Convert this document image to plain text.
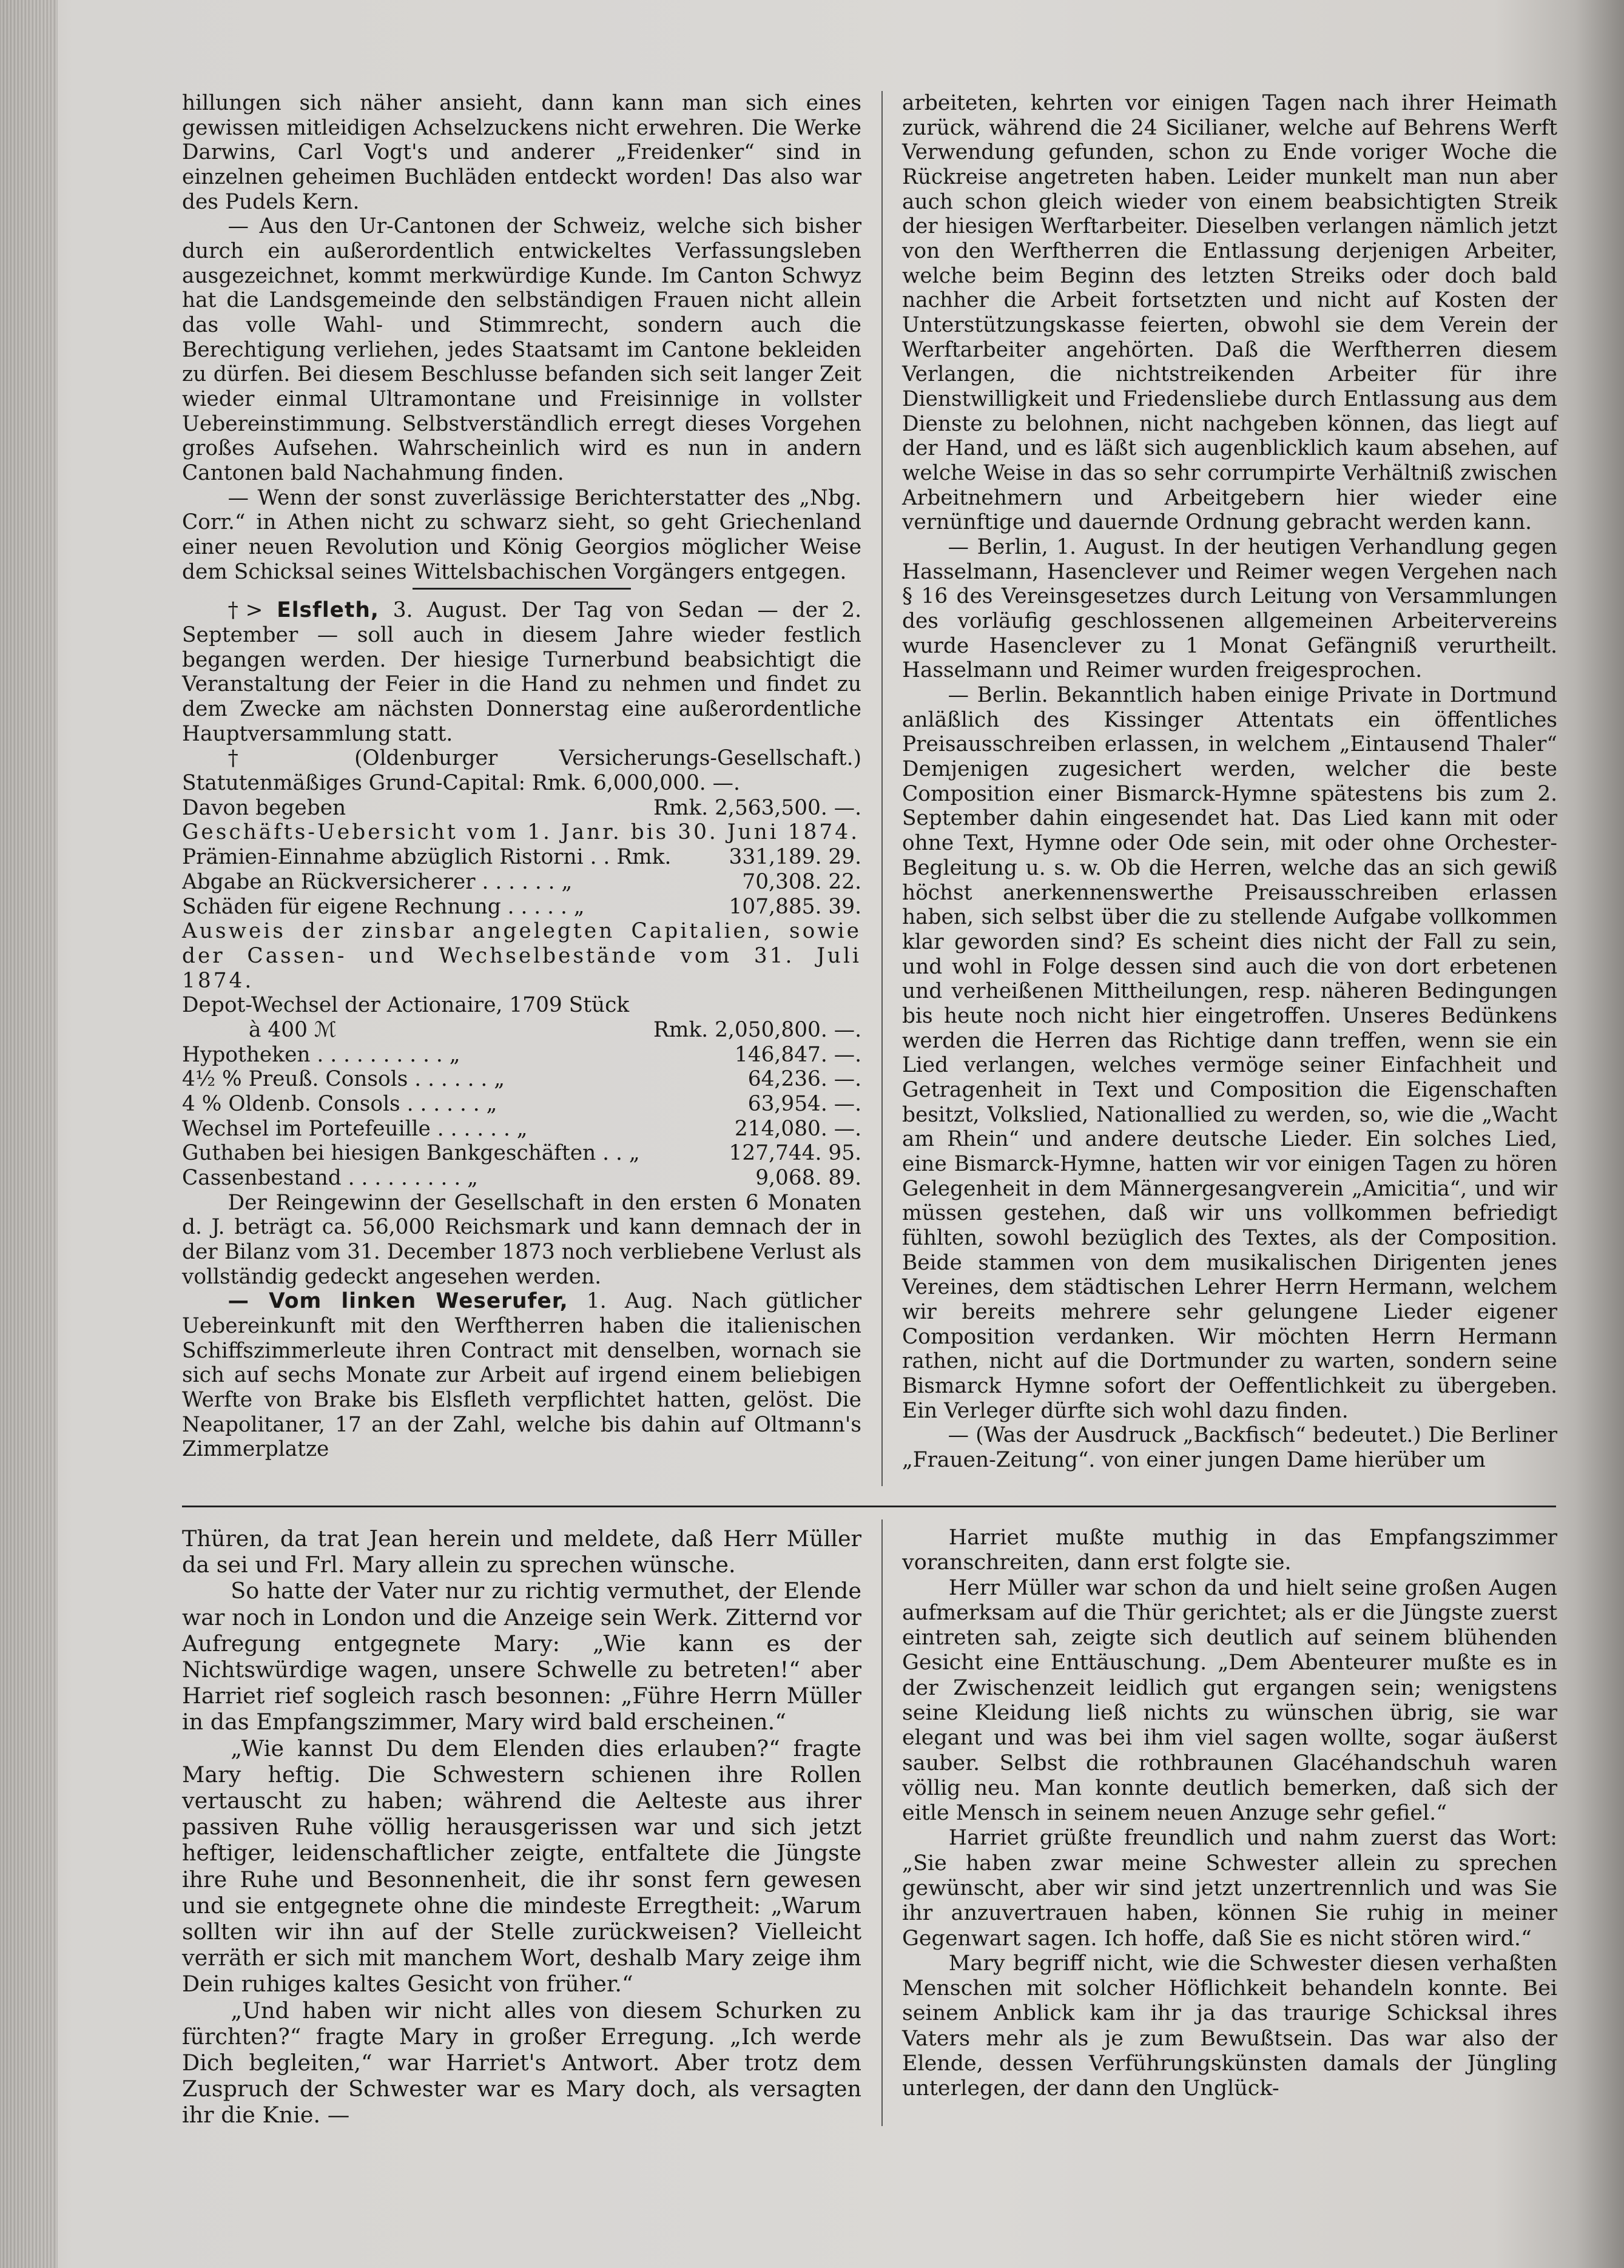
hillungen sich näher ansieht, dann kann man sich eines gewissen mitleidigen Achselzuckens nicht erwehren. Die Werke Darwins, Carl Vogt's und anderer „Freidenker“ sind in einzelnen geheimen Buchläden entdeckt worden! Das also war des Pudels Kern.

— Aus den Ur-Cantonen der Schweiz, welche sich bisher durch ein außerordentlich entwickeltes Verfassungsleben ausgezeichnet, kommt merkwürdige Kunde. Im Canton Schwyz hat die Landsgemeinde den selbständigen Frauen nicht allein das volle Wahl- und Stimmrecht, sondern auch die Berechtigung verliehen, jedes Staatsamt im Cantone bekleiden zu dürfen. Bei diesem Beschlusse befanden sich seit langer Zeit wieder einmal Ultramontane und Freisinnige in vollster Uebereinstimmung. Selbstverständlich erregt dieses Vorgehen großes Aufsehen. Wahrscheinlich wird es nun in andern Cantonen bald Nachahmung finden.

— Wenn der sonst zuverlässige Berichterstatter des „Nbg. Corr.“ in Athen nicht zu schwarz sieht, so geht Griechenland einer neuen Revolution und König Georgios möglicher Weise dem Schicksal seines Wittelsbachischen Vorgängers entgegen.

†> Elsfleth, 3. August. Der Tag von Sedan — der 2. September — soll auch in diesem Jahre wieder festlich begangen werden. Der hiesige Turnerbund beabsichtigt die Veranstaltung der Feier in die Hand zu nehmen und findet zu dem Zwecke am nächsten Donnerstag eine außerordentliche Hauptversammlung statt.

† (Oldenburger Versicherungs-Gesellschaft.) Statutenmäßiges Grund-Capital: Rmk. 6,000,000. —.

Davon begeben	Rmk. 2,563,500. —.

Geschäfts-Uebersicht vom 1. Janr. bis 30. Juni 1874.

Prämien-Einnahme abzüglich Ristorni . . Rmk.	331,189. 29.
Abgabe an Rückversicherer . . . . . . „	70,308. 22.
Schäden für eigene Rechnung . . . . . „	107,885. 39.

Ausweis der zinsbar angelegten Capitalien, sowie der Cassen- und Wechselbestände vom 31. Juli 1874.

Depot-Wechsel der Actionaire, 1709 Stück

à 400 ℳ	Rmk. 2,050,800. —.
Hypotheken . . . . . . . . . . „	146,847. —.
4½ % Preuß. Consols . . . . . . „	64,236. —.
4 % Oldenb. Consols . . . . . . „	63,954. —.
Wechsel im Portefeuille . . . . . . „	214,080. —.
Guthaben bei hiesigen Bankgeschäften . . „	127,744. 95.
Cassenbestand . . . . . . . . . „	9,068. 89.

Der Reingewinn der Gesellschaft in den ersten 6 Monaten d. J. beträgt ca. 56,000 Reichsmark und kann demnach der in der Bilanz vom 31. December 1873 noch verbliebene Verlust als vollständig gedeckt angesehen werden.

— Vom linken Weserufer, 1. Aug. Nach gütlicher Uebereinkunft mit den Werftherren haben die italienischen Schiffszimmerleute ihren Contract mit denselben, wornach sie sich auf sechs Monate zur Arbeit auf irgend einem beliebigen Werfte von Brake bis Elsfleth verpflichtet hatten, gelöst. Die Neapolitaner, 17 an der Zahl, welche bis dahin auf Oltmann's Zimmerplatze

arbeiteten, kehrten vor einigen Tagen nach ihrer Heimath zurück, während die 24 Sicilianer, welche auf Behrens Werft Verwendung gefunden, schon zu Ende voriger Woche die Rückreise angetreten haben. Leider munkelt man nun aber auch schon gleich wieder von einem beabsichtigten Streik der hiesigen Werftarbeiter. Dieselben verlangen nämlich jetzt von den Werftherren die Entlassung derjenigen Arbeiter, welche beim Beginn des letzten Streiks oder doch bald nachher die Arbeit fortsetzten und nicht auf Kosten der Unterstützungskasse feierten, obwohl sie dem Verein der Werftarbeiter angehörten. Daß die Werftherren diesem Verlangen, die nichtstreikenden Arbeiter für ihre Dienstwilligkeit und Friedensliebe durch Entlassung aus dem Dienste zu belohnen, nicht nachgeben können, das liegt auf der Hand, und es läßt sich augenblicklich kaum absehen, auf welche Weise in das so sehr corrumpirte Verhältniß zwischen Arbeitnehmern und Arbeitgebern hier wieder eine vernünftige und dauernde Ordnung gebracht werden kann.

— Berlin, 1. August. In der heutigen Verhandlung gegen Hasselmann, Hasenclever und Reimer wegen Vergehen nach § 16 des Vereinsgesetzes durch Leitung von Versammlungen des vorläufig geschlossenen allgemeinen Arbeitervereins wurde Hasenclever zu 1 Monat Gefängniß verurtheilt. Hasselmann und Reimer wurden freigesprochen.

— Berlin. Bekanntlich haben einige Private in Dortmund anläßlich des Kissinger Attentats ein öffentliches Preisausschreiben erlassen, in welchem „Eintausend Thaler“ Demjenigen zugesichert werden, welcher die beste Composition einer Bismarck-Hymne spätestens bis zum 2. September dahin eingesendet hat. Das Lied kann mit oder ohne Text, Hymne oder Ode sein, mit oder ohne Orchester-Begleitung u. s. w. Ob die Herren, welche das an sich gewiß höchst anerkennenswerthe Preisausschreiben erlassen haben, sich selbst über die zu stellende Aufgabe vollkommen klar geworden sind? Es scheint dies nicht der Fall zu sein, und wohl in Folge dessen sind auch die von dort erbetenen und verheißenen Mittheilungen, resp. näheren Bedingungen bis heute noch nicht hier eingetroffen. Unseres Bedünkens werden die Herren das Richtige dann treffen, wenn sie ein Lied verlangen, welches vermöge seiner Einfachheit und Getragenheit in Text und Composition die Eigenschaften besitzt, Volkslied, Nationallied zu werden, so, wie die „Wacht am Rhein“ und andere deutsche Lieder. Ein solches Lied, eine Bismarck-Hymne, hatten wir vor einigen Tagen zu hören Gelegenheit in dem Männergesangverein „Amicitia“, und wir müssen gestehen, daß wir uns vollkommen befriedigt fühlten, sowohl bezüglich des Textes, als der Composition. Beide stammen von dem musikalischen Dirigenten jenes Vereines, dem städtischen Lehrer Herrn Hermann, welchem wir bereits mehrere sehr gelungene Lieder eigener Composition verdanken. Wir möchten Herrn Hermann rathen, nicht auf die Dortmunder zu warten, sondern seine Bismarck Hymne sofort der Oeffentlichkeit zu übergeben. Ein Verleger dürfte sich wohl dazu finden.

— (Was der Ausdruck „Backfisch“ bedeutet.) Die Berliner „Frauen-Zeitung“. von einer jungen Dame hierüber um

Thüren, da trat Jean herein und meldete, daß Herr Müller da sei und Frl. Mary allein zu sprechen wünsche.

So hatte der Vater nur zu richtig vermuthet, der Elende war noch in London und die Anzeige sein Werk. Zitternd vor Aufregung entgegnete Mary: „Wie kann es der Nichtswürdige wagen, unsere Schwelle zu betreten!“ aber Harriet rief sogleich rasch besonnen: „Führe Herrn Müller in das Empfangszimmer, Mary wird bald erscheinen.“

„Wie kannst Du dem Elenden dies erlauben?“ fragte Mary heftig. Die Schwestern schienen ihre Rollen vertauscht zu haben; während die Aelteste aus ihrer passiven Ruhe völlig herausgerissen war und sich jetzt heftiger, leidenschaftlicher zeigte, entfaltete die Jüngste ihre Ruhe und Besonnenheit, die ihr sonst fern gewesen und sie entgegnete ohne die mindeste Erregtheit: „Warum sollten wir ihn auf der Stelle zurückweisen? Vielleicht verräth er sich mit manchem Wort, deshalb Mary zeige ihm Dein ruhiges kaltes Gesicht von früher.“

„Und haben wir nicht alles von diesem Schurken zu fürchten?“ fragte Mary in großer Erregung. „Ich werde Dich begleiten,“ war Harriet's Antwort. Aber trotz dem Zuspruch der Schwester war es Mary doch, als versagten ihr die Knie. —

Harriet mußte muthig in das Empfangszimmer voranschreiten, dann erst folgte sie.

Herr Müller war schon da und hielt seine großen Augen aufmerksam auf die Thür gerichtet; als er die Jüngste zuerst eintreten sah, zeigte sich deutlich auf seinem blühenden Gesicht eine Enttäuschung. „Dem Abenteurer mußte es in der Zwischenzeit leidlich gut ergangen sein; wenigstens seine Kleidung ließ nichts zu wünschen übrig, sie war elegant und was bei ihm viel sagen wollte, sogar äußerst sauber. Selbst die rothbraunen Glacéhandschuh waren völlig neu. Man konnte deutlich bemerken, daß sich der eitle Mensch in seinem neuen Anzuge sehr gefiel.“

Harriet grüßte freundlich und nahm zuerst das Wort: „Sie haben zwar meine Schwester allein zu sprechen gewünscht, aber wir sind jetzt unzertrennlich und was Sie ihr anzuvertrauen haben, können Sie ruhig in meiner Gegenwart sagen. Ich hoffe, daß Sie es nicht stören wird.“

Mary begriff nicht, wie die Schwester diesen verhaßten Menschen mit solcher Höflichkeit behandeln konnte. Bei seinem Anblick kam ihr ja das traurige Schicksal ihres Vaters mehr als je zum Bewußtsein. Das war also der Elende, dessen Verführungskünsten damals der Jüngling unterlegen, der dann den Unglück-
